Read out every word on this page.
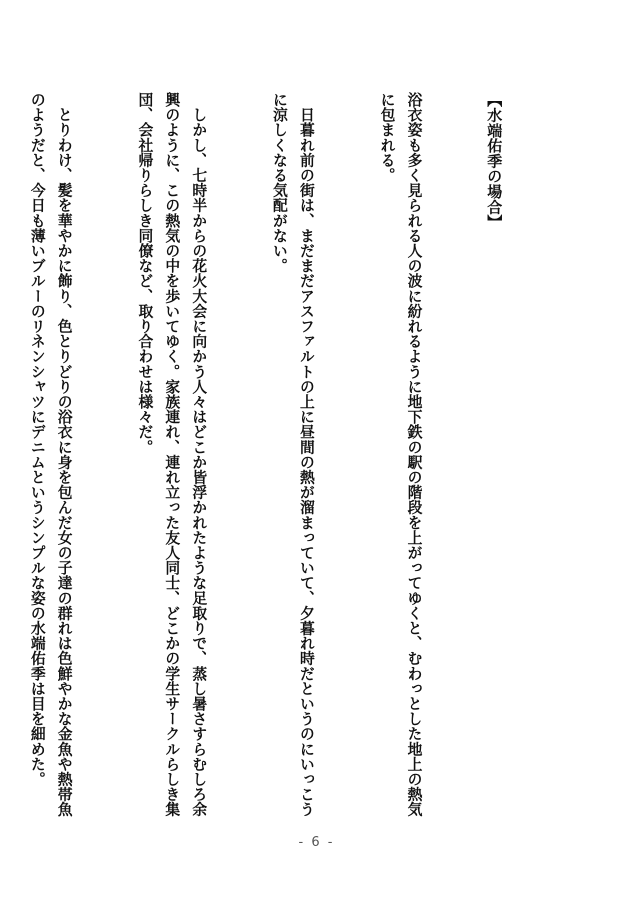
【水端佑季の場合】

浴衣姿も多く見られる人の波に紛れるように地下鉄の駅の階段を上がってゆくと、むわっとした地上の熱気に包まれる。

　日暮れ前の街は、まだまだアスファルトの上に昼間の熱が溜まっていて、夕暮れ時だというのにいっこうに涼しくなる気配がない。

　しかし、七時半からの花火大会に向かう人々はどこか皆浮かれたような足取りで、蒸し暑さすらむしろ余興のように、この熱気の中を歩いてゆく。家族連れ、連れ立った友人同士、どこかの学生サークルらしき集団、会社帰りらしき同僚など、取り合わせは様々だ。

　とりわけ、髪を華やかに飾り、色とりどりの浴衣に身を包んだ女の子達の群れは色鮮やかな金魚や熱帯魚のようだと、今日も薄いブルーのリネンシャツにデニムというシンプルな姿の水端佑季は目を細めた。

- 6 -
